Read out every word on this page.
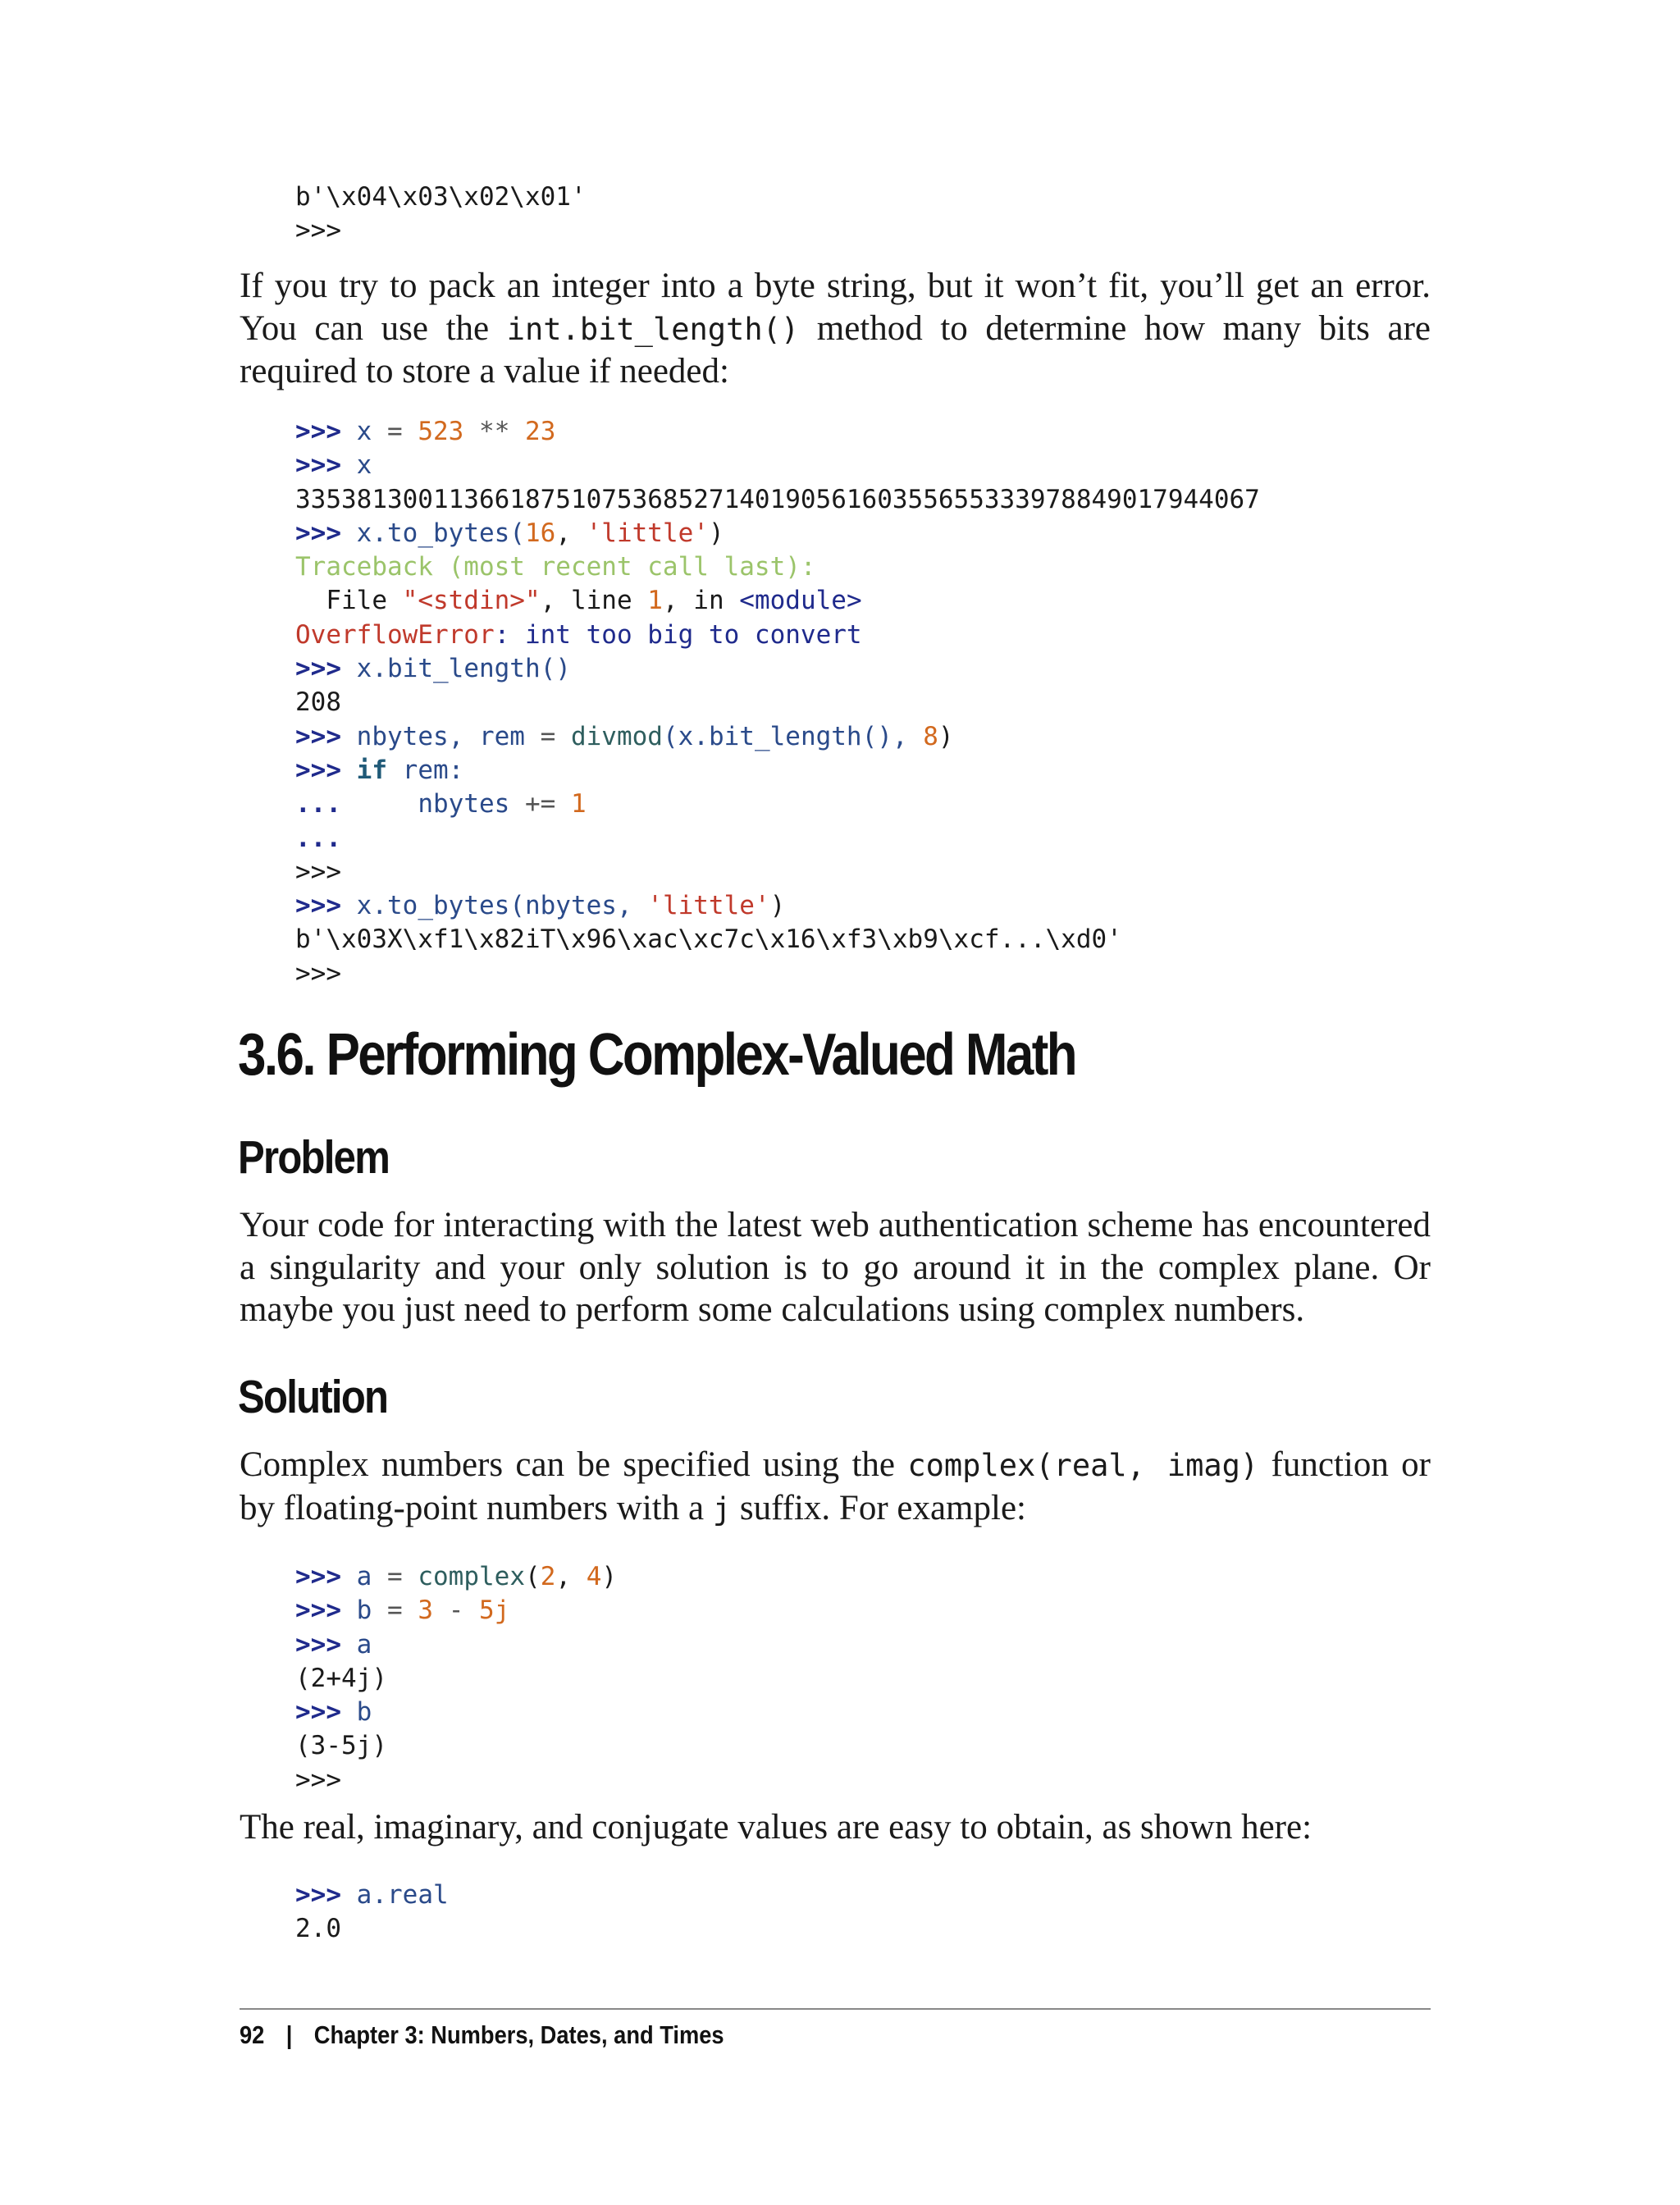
b'\x04\x03\x02\x01'
>>>

If you try to pack an integer into a byte string, but it won’t fit, you’ll get an error. You can use the int.bit_length() method to determine how many bits are required to store a value if needed:

>>> x = 523 ** 23
>>> x
335381300113661875107536852714019056160355655333978849017944067
>>> x.to_bytes(16, 'little')
Traceback (most recent call last):
File "<stdin>", line 1, in <module>
OverflowError: int too big to convert
>>> x.bit_length()
208
>>> nbytes, rem = divmod(x.bit_length(), 8)
>>> if rem:
...     nbytes += 1
...
>>>
>>> x.to_bytes(nbytes, 'little')
b'\x03X\xf1\x82iT\x96\xac\xc7c\x16\xf3\xb9\xcf...\xd0'
>>>
3.6. Performing Complex-Valued Math
Problem

Your code for interacting with the latest web authentication scheme has encountered a singularity and your only solution is to go around it in the complex plane. Or maybe you just need to perform some calculations using complex numbers.

Solution

Complex numbers can be specified using the complex(real, imag) function or by floating-point numbers with a j suffix. For example:

>>> a = complex(2, 4)
>>> b = 3 - 5j
>>> a
(2+4j)
>>> b
(3-5j)
>>>

The real, imaginary, and conjugate values are easy to obtain, as shown here:

>>> a.real
2.0
92 | Chapter 3: Numbers, Dates, and Times
